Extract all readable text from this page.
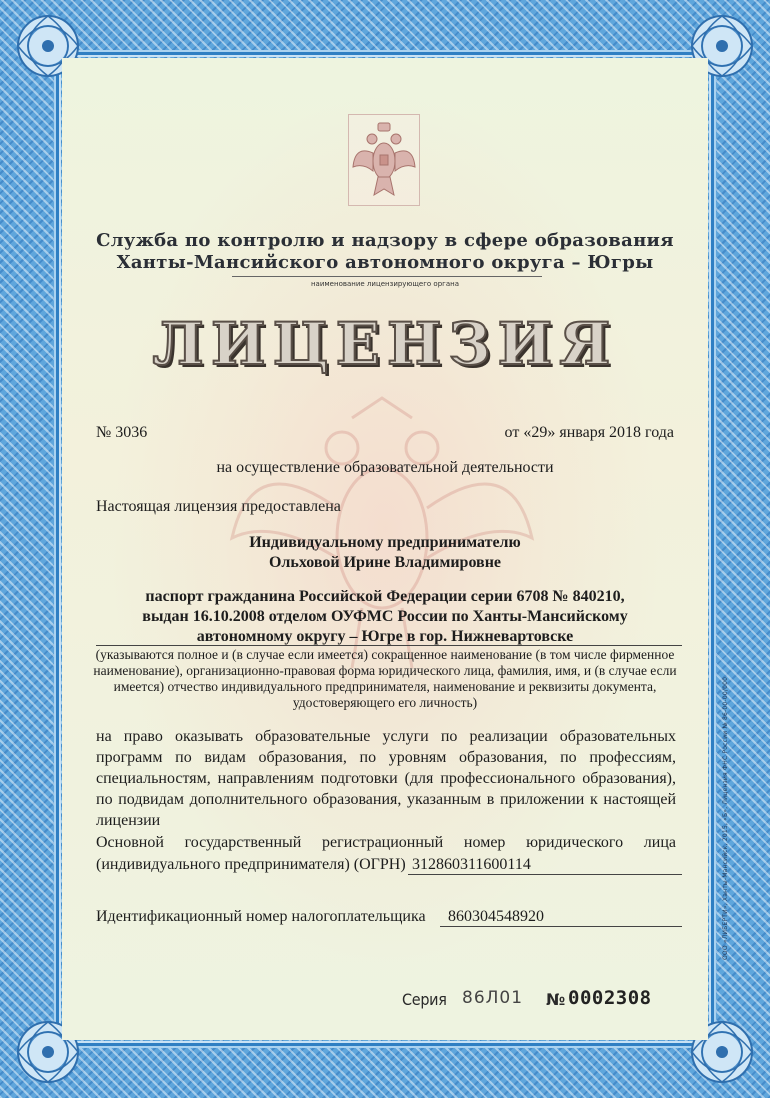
ООО «ЛИБЕРТИ», Ханты-Мансийск, 2015, «Б», Лицензия ФНС России № 86-00-00/000
Служба по контролю и надзору в сфере образования
Ханты-Мансийского автономного округа – Югры
наименование лицензирующего органа
ЛИЦЕНЗИЯ
№ 3036	от «29» января 2018 года
на осуществление образовательной деятельности
Настоящая лицензия предоставлена
Индивидуальному предпринимателю
Ольховой Ирине Владимировне
паспорт гражданина Российской Федерации серии 6708 № 840210,
выдан 16.10.2008 отделом ОУФМС России по Ханты-Мансийскому
автономному округу – Югре в гор. Нижневартовске
(указываются полное и (в случае если имеется) сокращенное наименование (в том числе фирменное
наименование), организационно-правовая форма юридического лица, фамилия, имя, и (в случае если
имеется) отчество индивидуального предпринимателя, наименование и реквизиты документа,
удостоверяющего его личность)
на право оказывать образовательные услуги по реализации образовательных программ по видам образования, по уровням образования, по профессиям, специальностям, направлениям подготовки (для профессионального образования), по подвидам дополнительного образования, указанным в приложении к настоящей лицензии
Основной государственный регистрационный номер юридического лица
(индивидуального предпринимателя) (ОГРН) 312860311600114
Идентификационный номер налогоплательщика 860304548920
Серия 86Л01 № 0002308
